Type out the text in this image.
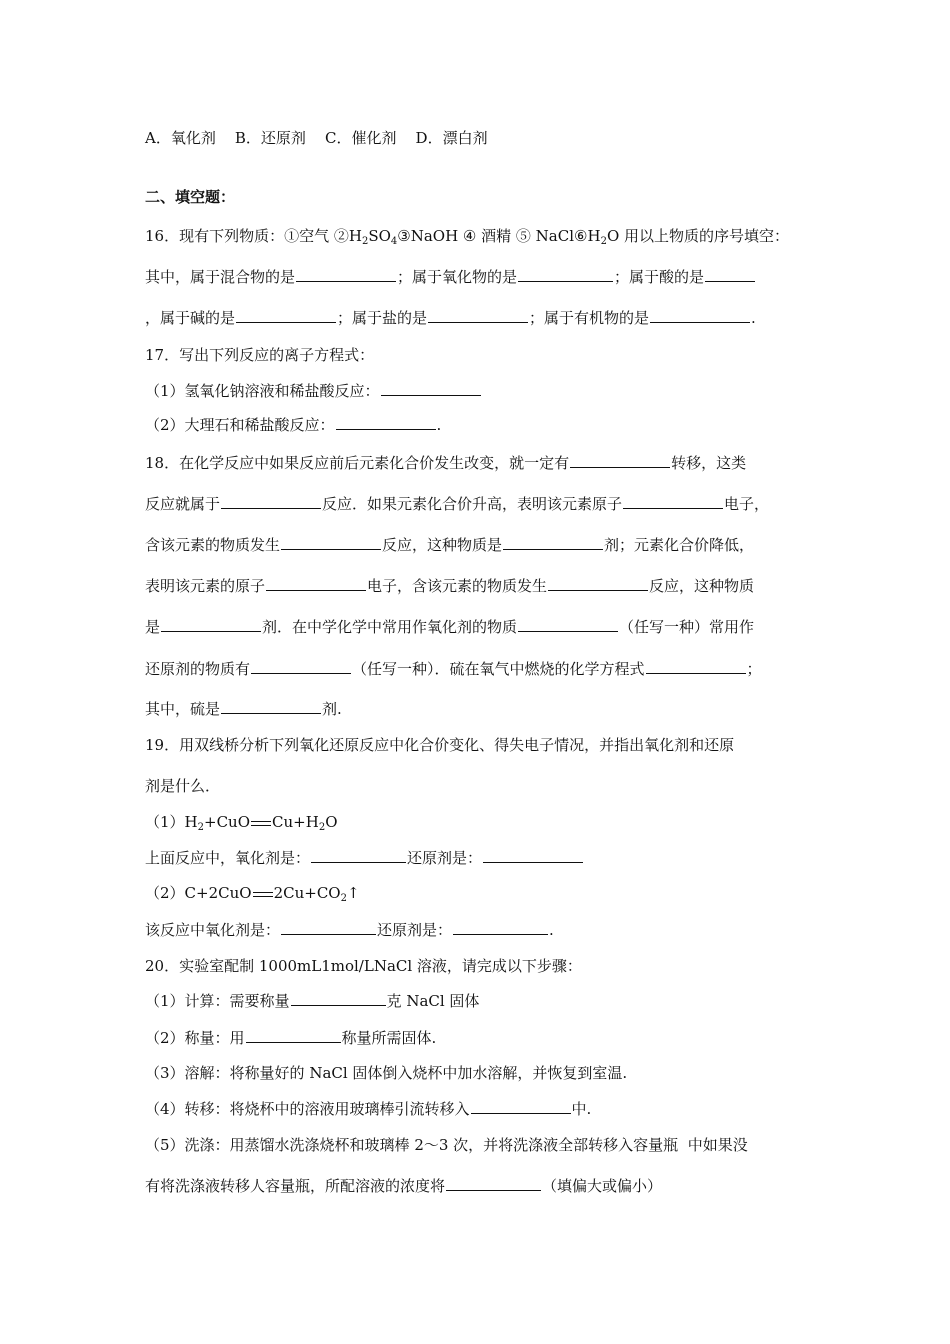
A．氧化剂    B．还原剂    C．催化剂    D．漂白剂
二、填空题：
16．现有下列物质：①空气 $②H_2SO_4③NaOH$ ④ 酒精 ⑤ $NaCl⑥H_2O$ 用以上物质的序号填空：
其中，属于混合物的是	；属于氧化物的是	；属于酸的是
，属于碱的是	；属于盐的是	；属于有机物的是	.
17．写出下列反应的离子方程式：
（1）氢氧化钠溶液和稀盐酸反应：
（2）大理石和稀盐酸反应：	.
18．在化学反应中如果反应前后元素化合价发生改变，就一定有	转移，这类
反应就属于	反应．如果元素化合价升高，表明该元素原子	电子，
含该元素的物质发生	反应，这种物质是	剂；元素化合价降低，
表明该元素的原子	电子，含该元素的物质发生	反应，这种物质
是	剂．在中学化学中常用作氧化剂的物质	（任写一种）常用作
还原剂的物质有	（任写一种）．硫在氧气中燃烧的化学方程式	；
其中，硫是	剂.
19．用双线桥分析下列氧化还原反应中化合价变化、得失电子情况，并指出氧化剂和还原
剂是什么．
$(1)H_2+CuO$ $Cu+H_2O$
上面反应中，氧化剂是：	还原剂是：
（2）C+2CuO $2Cu+CO_2↑$
该反应中氧化剂是：	还原剂是：	.
20．实验室配制 1000mL1mol/LNaCl 溶液，请完成以下步骤：
（1）计算：需要称量	克 NaCl 固体
（2）称量：用	称量所需固体.
（3）溶解：将称量好的 NaCl 固体倒入烧杯中加水溶解，并恢复到室温.
（4）转移：将烧杯中的溶液用玻璃棒引流转移入	中.
（5）洗涤：用蒸馏水洗涤烧杯和玻璃棒 2～3 次，并将洗涤液全部转移入容量瓶  中如果没
有将洗涤液转移人容量瓶，所配溶液的浓度将	（填偏大或偏小）
